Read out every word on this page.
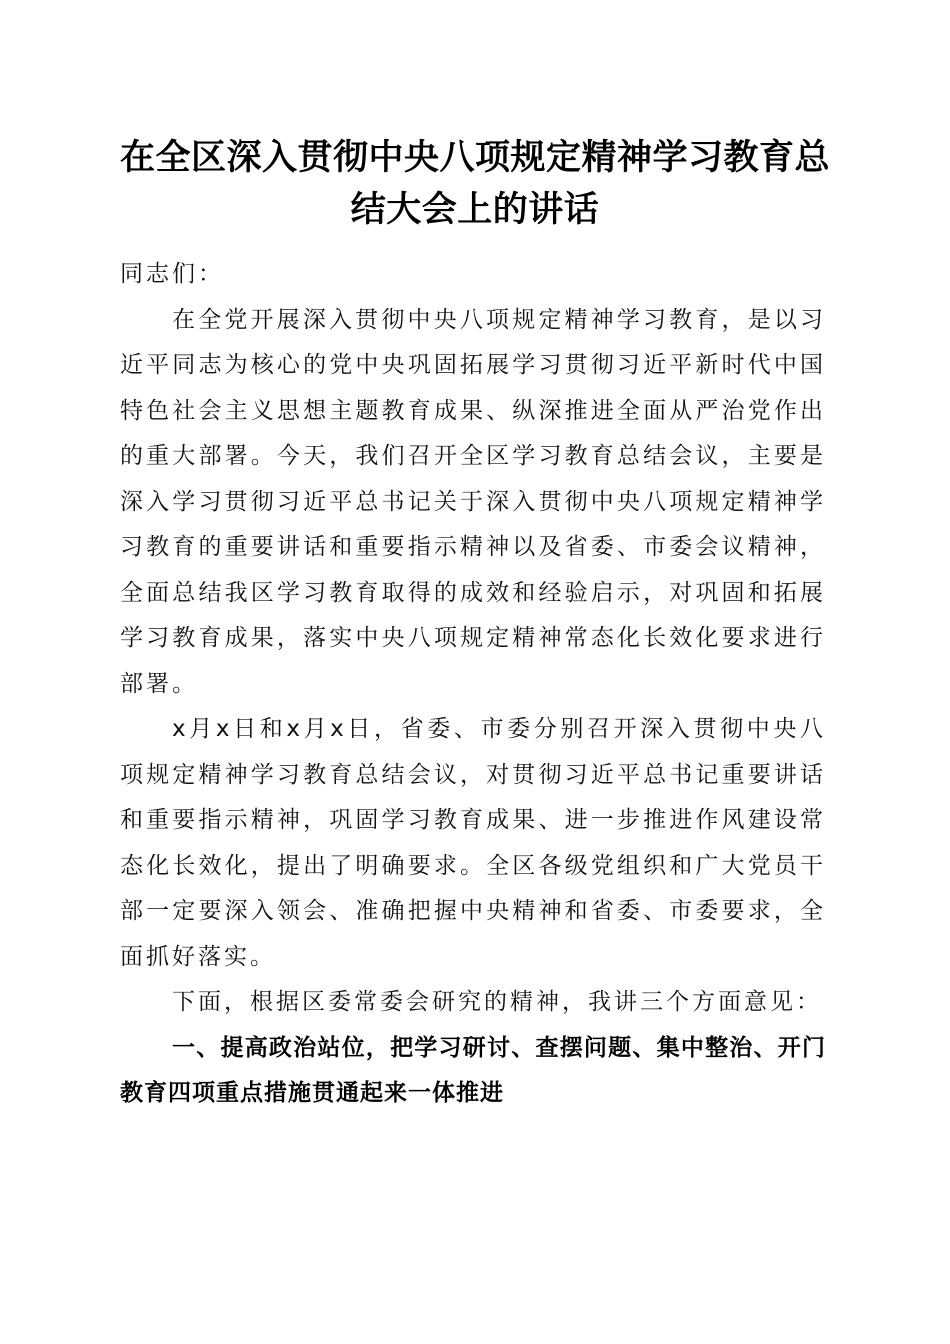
在全区深入贯彻中央八项规定精神学习教育总结大会上的讲话

同志们：

在全党开展深入贯彻中央八项规定精神学习教育，是以习近平同志为核心的党中央巩固拓展学习贯彻习近平新时代中国特色社会主义思想主题教育成果、纵深推进全面从严治党作出的重大部署。今天，我们召开全区学习教育总结会议，主要是深入学习贯彻习近平总书记关于深入贯彻中央八项规定精神学习教育的重要讲话和重要指示精神以及省委、市委会议精神，全面总结我区学习教育取得的成效和经验启示，对巩固和拓展学习教育成果，落实中央八项规定精神常态化长效化要求进行部署。

x月x日和x月x日，省委、市委分别召开深入贯彻中央八项规定精神学习教育总结会议，对贯彻习近平总书记重要讲话和重要指示精神，巩固学习教育成果、进一步推进作风建设常态化长效化，提出了明确要求。全区各级党组织和广大党员干部一定要深入领会、准确把握中央精神和省委、市委要求，全面抓好落实。

下面，根据区委常委会研究的精神，我讲三个方面意见：

一、提高政治站位，把学习研讨、查摆问题、集中整治、开门教育四项重点措施贯通起来一体推进
